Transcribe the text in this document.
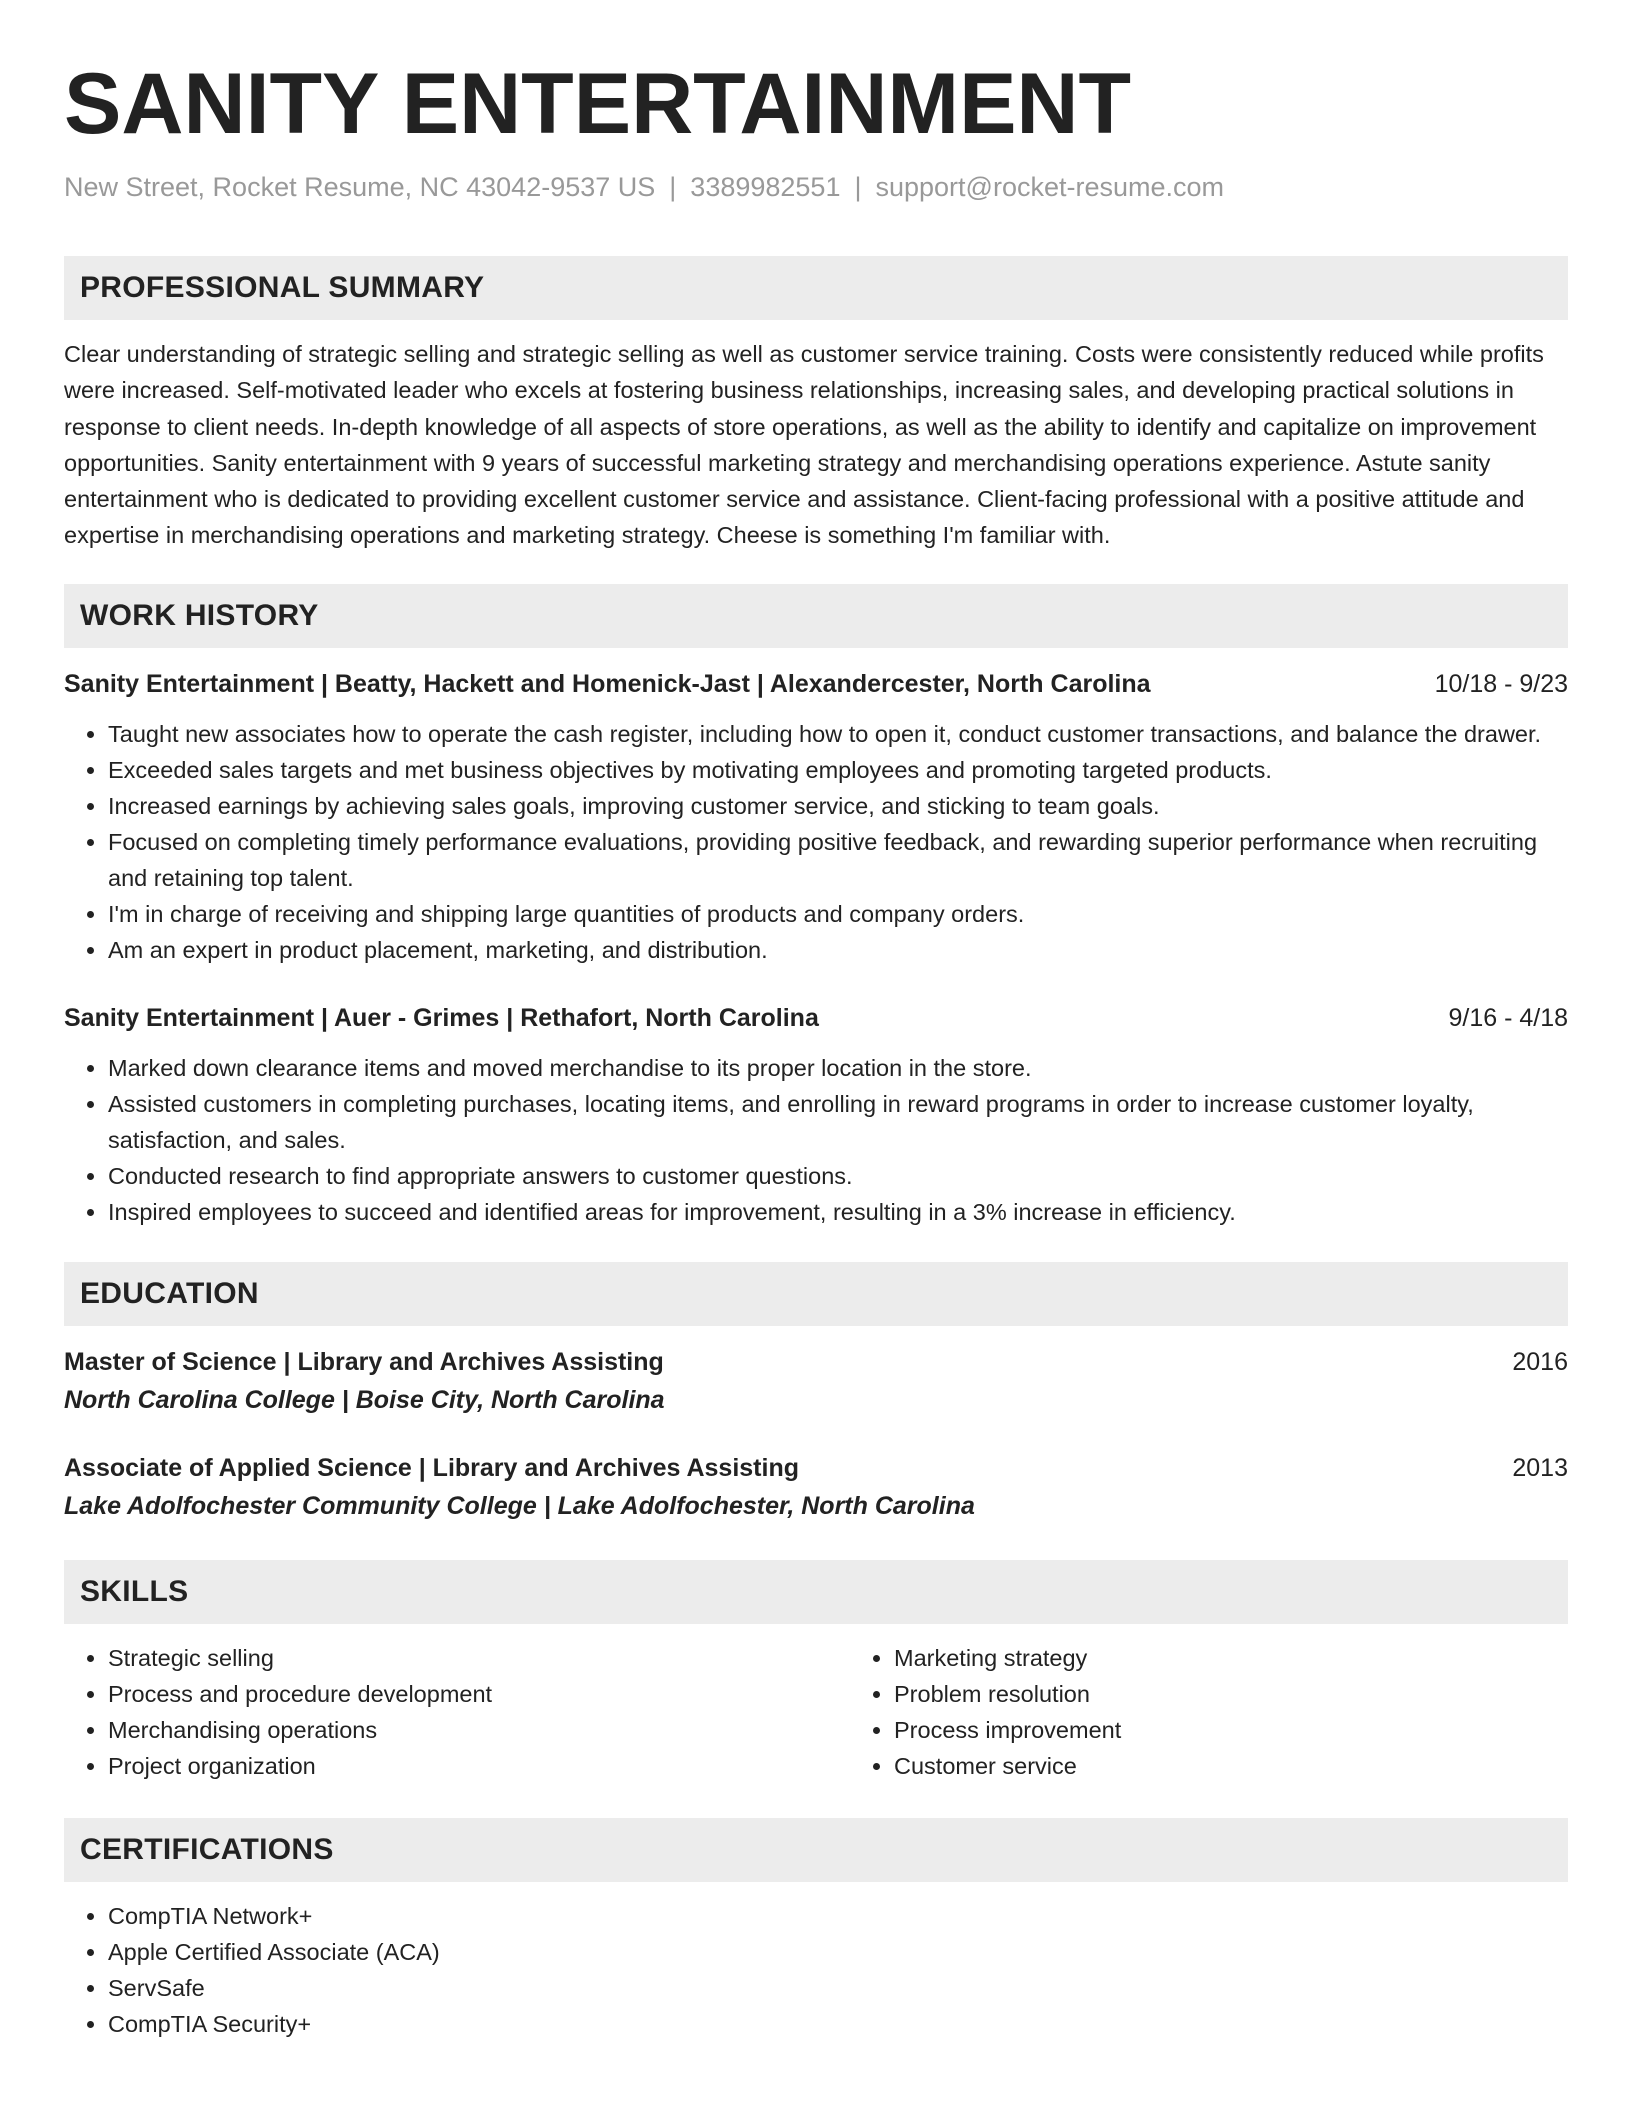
SANITY ENTERTAINMENT
New Street, Rocket Resume, NC 43042-9537 US | 3389982551 | support@rocket-resume.com
PROFESSIONAL SUMMARY

Clear understanding of strategic selling and strategic selling as well as customer service training. Costs were consistently reduced while profits were increased. Self-motivated leader who excels at fostering business relationships, increasing sales, and developing practical solutions in response to client needs. In-depth knowledge of all aspects of store operations, as well as the ability to identify and capitalize on improvement opportunities. Sanity entertainment with 9 years of successful marketing strategy and merchandising operations experience. Astute sanity entertainment who is dedicated to providing excellent customer service and assistance. Client-facing professional with a positive attitude and expertise in merchandising operations and marketing strategy. Cheese is something I'm familiar with.

WORK HISTORY
Sanity Entertainment | Beatty, Hackett and Homenick-Jast | Alexandercester, North Carolina	10/18 - 9/23
• Taught new associates how to operate the cash register, including how to open it, conduct customer transactions, and balance the drawer.
• Exceeded sales targets and met business objectives by motivating employees and promoting targeted products.
• Increased earnings by achieving sales goals, improving customer service, and sticking to team goals.
• Focused on completing timely performance evaluations, providing positive feedback, and rewarding superior performance when recruiting and retaining top talent.
• I'm in charge of receiving and shipping large quantities of products and company orders.
• Am an expert in product placement, marketing, and distribution.
Sanity Entertainment | Auer - Grimes | Rethafort, North Carolina	9/16 - 4/18
• Marked down clearance items and moved merchandise to its proper location in the store.
• Assisted customers in completing purchases, locating items, and enrolling in reward programs in order to increase customer loyalty, satisfaction, and sales.
• Conducted research to find appropriate answers to customer questions.
• Inspired employees to succeed and identified areas for improvement, resulting in a 3% increase in efficiency.
EDUCATION
Master of Science | Library and Archives Assisting	2016
North Carolina College | Boise City, North Carolina
Associate of Applied Science | Library and Archives Assisting	2013
Lake Adolfochester Community College | Lake Adolfochester, North Carolina
SKILLS
• Strategic selling
• Process and procedure development
• Merchandising operations
• Project organization
• Marketing strategy
• Problem resolution
• Process improvement
• Customer service
CERTIFICATIONS
• CompTIA Network+
• Apple Certified Associate (ACA)
• ServSafe
• CompTIA Security+
